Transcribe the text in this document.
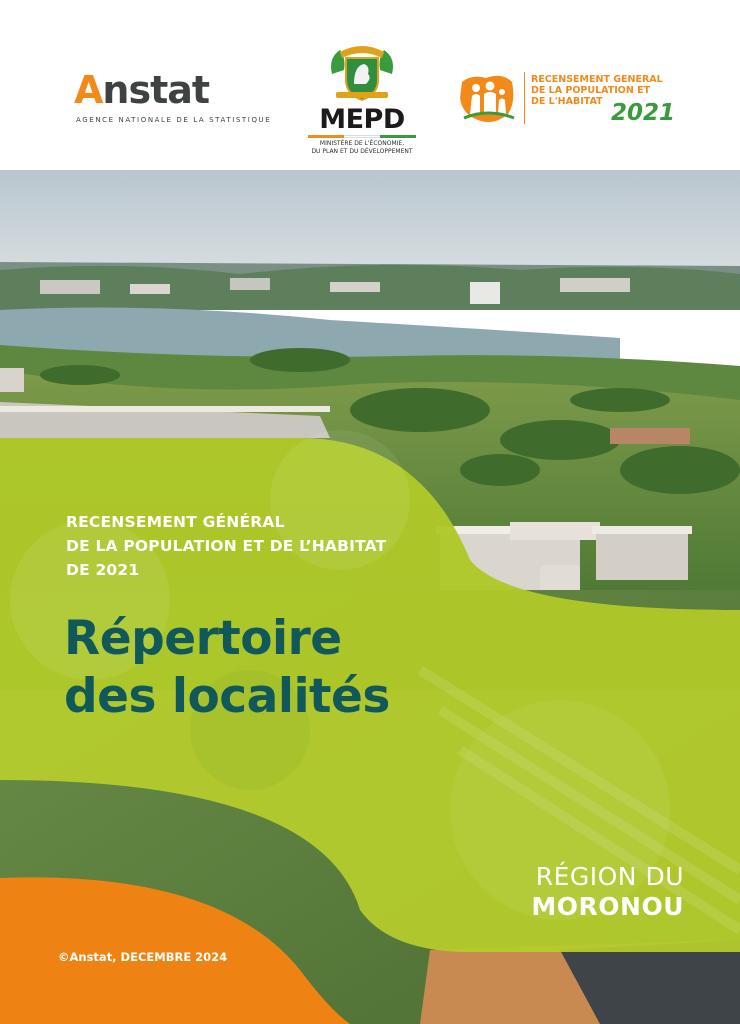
Anstat
AGENCE NATIONALE DE LA STATISTIQUE	MEPD
MINISTÈRE DE L'ÉCONOMIE,
DU PLAN ET DU DÉVELOPPEMENT
RECENSEMENT GENERAL
DE LA POPULATION ET
DE L'HABITAT 2021
RECENSEMENT GÉNÉRAL
DE LA POPULATION ET DE L’HABITAT
DE 2021
Répertoire
des localités
RÉGION DU
MORONOU
©Anstat, DECEMBRE 2024
